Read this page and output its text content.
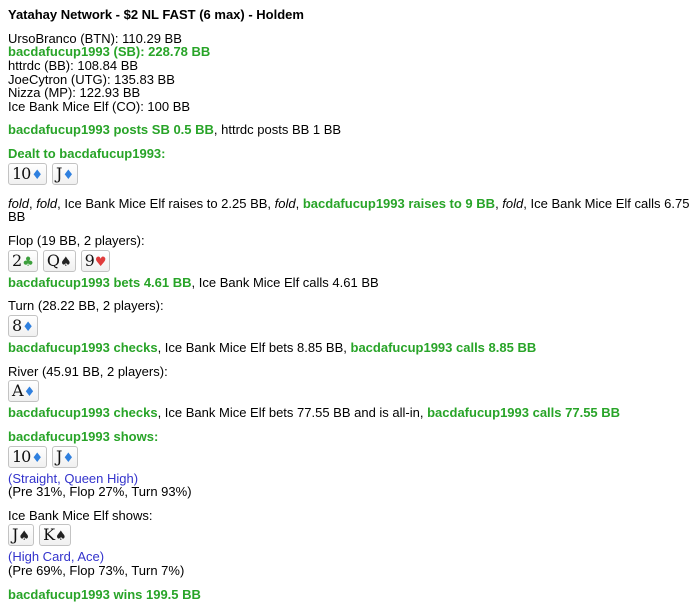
Yatahay Network - $2 NL FAST (6 max) - Holdem
UrsoBranco (BTN): 110.29 BB
bacdafucup1993 (SB): 228.78 BB
httrdc (BB): 108.84 BB
JoeCytron (UTG): 135.83 BB
Nizza (MP): 122.93 BB
Ice Bank Mice Elf (CO): 100 BB
bacdafucup1993 posts SB 0.5 BB, httrdc posts BB 1 BB
Dealt to bacdafucup1993:
10♦ J♦
fold, fold, Ice Bank Mice Elf raises to 2.25 BB, fold, bacdafucup1993 raises to 9 BB, fold, Ice Bank Mice Elf calls 6.75 BB
Flop (19 BB, 2 players):
2♣ Q♠ 9♥
bacdafucup1993 bets 4.61 BB, Ice Bank Mice Elf calls 4.61 BB
Turn (28.22 BB, 2 players):
8♦
bacdafucup1993 checks, Ice Bank Mice Elf bets 8.85 BB, bacdafucup1993 calls 8.85 BB
River (45.91 BB, 2 players):
A♦
bacdafucup1993 checks, Ice Bank Mice Elf bets 77.55 BB and is all-in, bacdafucup1993 calls 77.55 BB
bacdafucup1993 shows:
10♦ J♦
(Straight, Queen High)
(Pre 31%, Flop 27%, Turn 93%)
Ice Bank Mice Elf shows:
J♠ K♠
(High Card, Ace)
(Pre 69%, Flop 73%, Turn 7%)
bacdafucup1993 wins 199.5 BB
